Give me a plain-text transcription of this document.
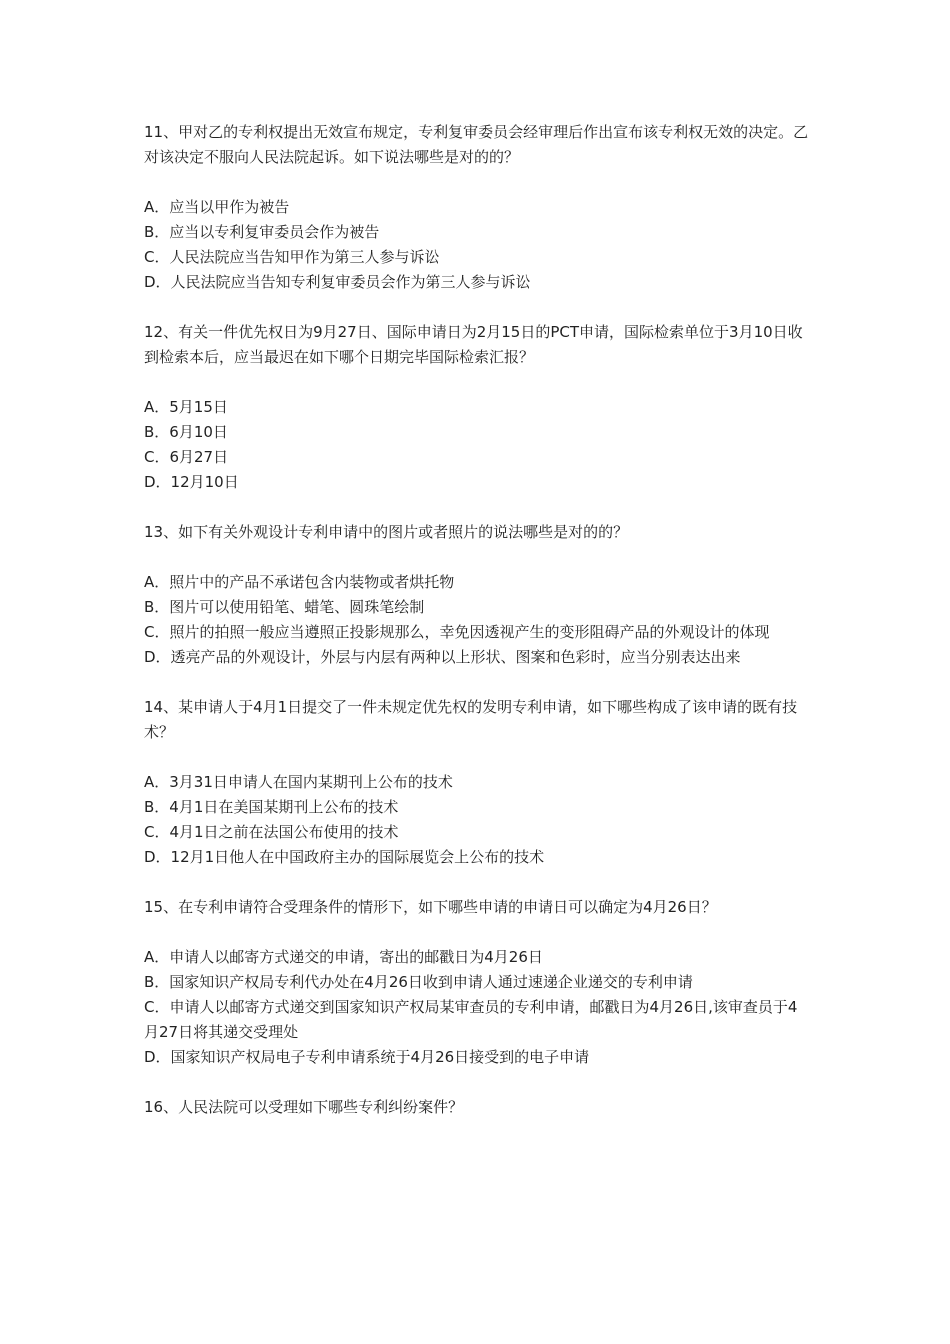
11、甲对乙的专利权提出无效宣布规定，专利复审委员会经审理后作出宣布该专利权无效的决定。乙对该决定不服向人民法院起诉。如下说法哪些是对的的？

A．应当以甲作为被告

B．应当以专利复审委员会作为被告

C．人民法院应当告知甲作为第三人参与诉讼

D．人民法院应当告知专利复审委员会作为第三人参与诉讼

12、有关一件优先权日为9月27日、国际申请日为2月15日的PCT申请，国际检索单位于3月10日收到检索本后，应当最迟在如下哪个日期完毕国际检索汇报？

A．5月15日

B．6月10日

C．6月27日

D．12月10日

13、如下有关外观设计专利申请中的图片或者照片的说法哪些是对的的？

A．照片中的产品不承诺包含内装物或者烘托物

B．图片可以使用铅笔、蜡笔、圆珠笔绘制

C．照片的拍照一般应当遵照正投影规那么，幸免因透视产生的变形阻碍产品的外观设计的体现

D．透亮产品的外观设计，外层与内层有两种以上形状、图案和色彩时，应当分别表达出来

14、某申请人于4月1日提交了一件未规定优先权的发明专利申请，如下哪些构成了该申请的既有技术？

A．3月31日申请人在国内某期刊上公布的技术

B．4月1日在美国某期刊上公布的技术

C．4月1日之前在法国公布使用的技术

D．12月1日他人在中国政府主办的国际展览会上公布的技术

15、在专利申请符合受理条件的情形下，如下哪些申请的申请日可以确定为4月26日？

A．申请人以邮寄方式递交的申请，寄出的邮戳日为4月26日

B．国家知识产权局专利代办处在4月26日收到申请人通过速递企业递交的专利申请

C．申请人以邮寄方式递交到国家知识产权局某审查员的专利申请，邮戳日为4月26日,该审查员于4月27日将其递交受理处

D．国家知识产权局电子专利申请系统于4月26日接受到的电子申请

16、人民法院可以受理如下哪些专利纠纷案件？
